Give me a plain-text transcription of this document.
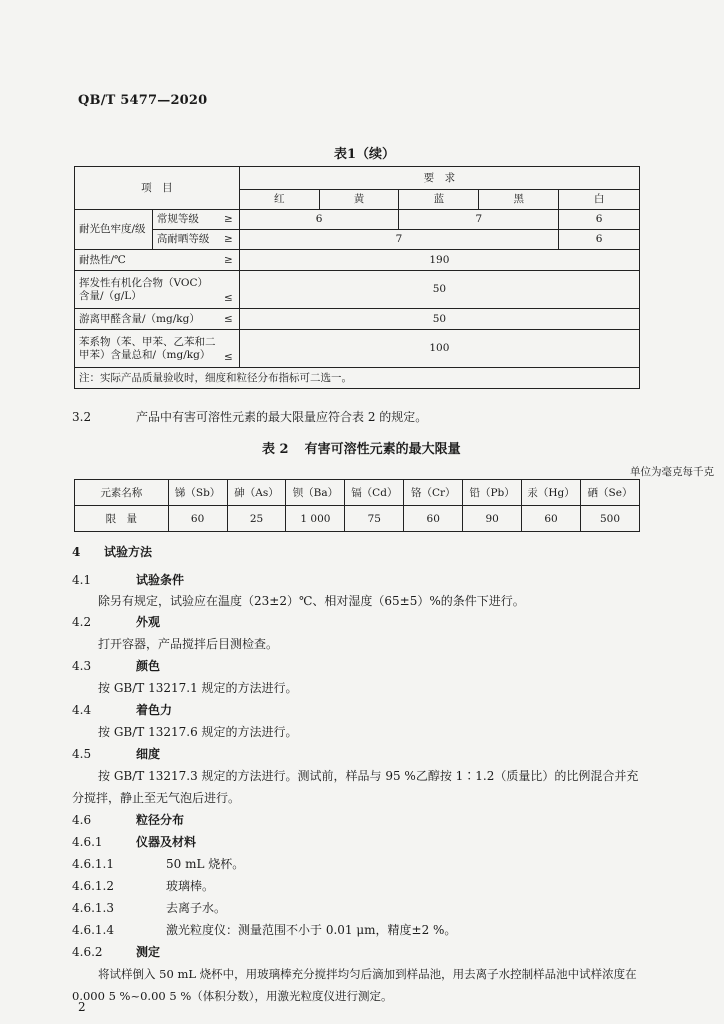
QB/T 5477—2020
表1（续）
项　目		要　求				
		红	黄	蓝	黑	白
耐光色牢度/级	常规等级 ≥	6		7		6
	高耐晒等级 ≥	7				6
耐热性/℃ ≥		190				
挥发性有机化合物（VOC）含量/（g/L） ≤		50				
游离甲醛含量/（mg/kg） ≤		50				
苯系物（苯、甲苯、乙苯和二甲苯）含量总和/（mg/kg） ≤		100				
注：实际产品质量验收时，细度和粒径分布指标可二选一。						
3.2	产品中有害可溶性元素的最大限量应符合表 2 的规定。
表 2 有害可溶性元素的最大限量
单位为毫克每千克
元素名称	锑（Sb）	砷（As）	钡（Ba）	镉（Cd）	铬（Cr）	铅（Pb）	汞（Hg）	硒（Se）
限　量	60	25	1 000	75	60	90	60	500
4 试验方法
4.1	试验条件
除另有规定，试验应在温度（23±2）℃、相对湿度（65±5）%的条件下进行。
4.2	外观
打开容器，产品搅拌后目测检查。
4.3	颜色
按 GB/T 13217.1 规定的方法进行。
4.4	着色力
按 GB/T 13217.6 规定的方法进行。
4.5	细度
按 GB/T 13217.3 规定的方法进行。测试前，样品与 95 %乙醇按 1∶1.2（质量比）的比例混合并充分搅拌，静止至无气泡后进行。
4.6	粒径分布
4.6.1	仪器及材料
4.6.1.1	50 mL 烧杯。
4.6.1.2	玻璃棒。
4.6.1.3	去离子水。
4.6.1.4	激光粒度仪：测量范围不小于 0.01 μm，精度±2 %。
4.6.2	测定
将试样倒入 50 mL 烧杯中，用玻璃棒充分搅拌均匀后滴加到样品池，用去离子水控制样品池中试样浓度在 0.000 5 %~0.00 5 %（体积分数），用激光粒度仪进行测定。
2
